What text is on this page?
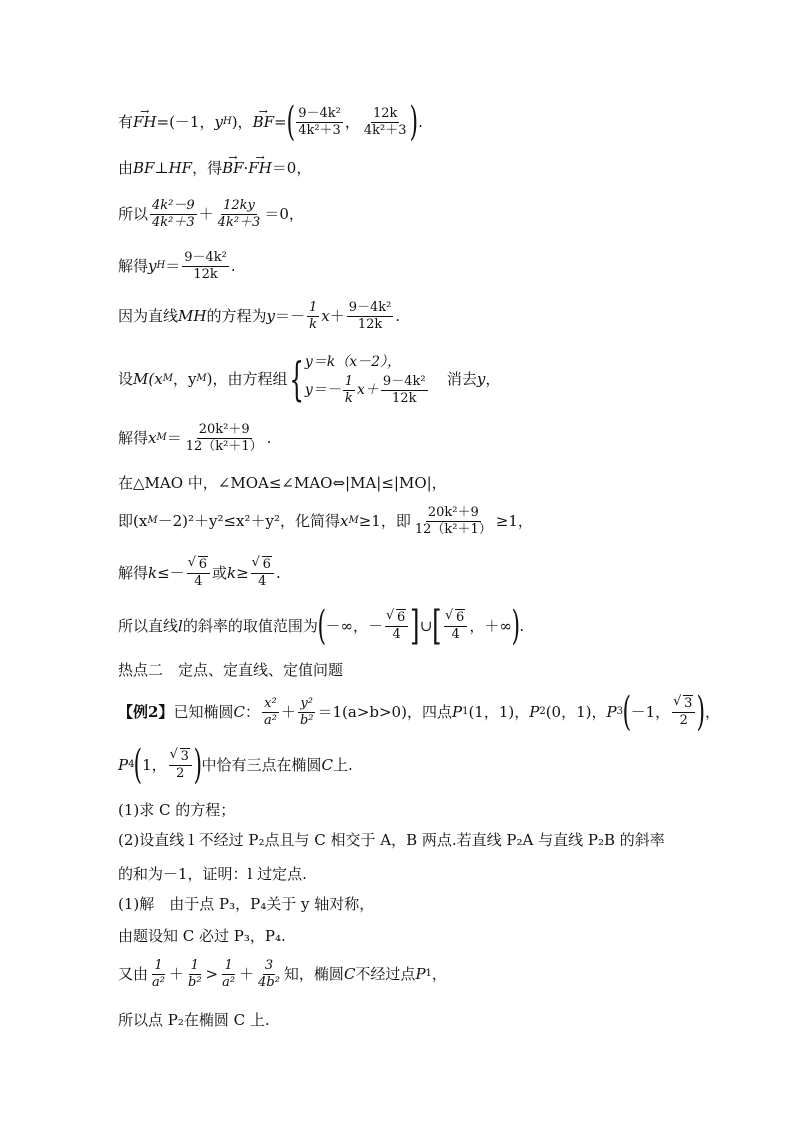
有 → FH =(－1， y H )， → BF = ( $\frac{\text{9－4k²}}{\text{4k²＋3}}$ ， $\frac{12k}{\text{4k²＋3}}$ ) .
由 BF ⊥ HF ，得 → BF · → FH ＝0，
所以 $\frac{\text{4k²－9}}{\text{4k²＋3}} + \frac{12ky}{\text{4k²＋3}} =0$，
解得 y $H = \frac{\text{9－4k²}}{12k}$ .
因为直线 MH 的方程为 $y =- \frac{1}{k}$ $x + \frac{\text{9－4k²}}{12k}$ .
设 M(x M ，y M )，由方程组 { y＝k（x－2），
$y=- \frac{1}{k} x+ \frac{\text{9－4k²}}{12k}$ 消去 y ，
解得 x $M = \frac{\text{20k²＋9}}{\text{12（k²＋1）}}$ .
在△MAO 中，∠MOA≤∠MAO⇔|MA|≤|MO|，
即(x M －2)²＋y²≤x²＋y²，化简得 x M ≥1，即 $\frac{\text{20k²＋9}}{\text{12（k²＋1）}} \ge 1$，
解得 k ≤－ √ $\frac{6}{4}$ 或 k ≥ √ $\frac{6}{4}$ .
所以直线 l 的斜率的取值范围为 ( －∞，－ √ $\frac{6}{4}$ ] ∪ [ √ $\frac{6}{4}$ ，＋∞ ) .
热点二　定点、定直线、定值问题
【例2】 已知椭圆 C ： $\frac{\text{x²}}{\text{a²}} + \frac{\text{y²}}{\text{b²}} =1(a>b>0)$，四点 P 1 (1，1)， P 2 (0，1)， P 3 ( －1， √ $\frac{3}{2}$ ) ，
P 4 ( 1， √ $\frac{3}{2}$ ) 中恰有三点在椭圆 C 上.
(1)求 C 的方程；
(2)设直线 l 不经过 P₂点且与 C 相交于 A，B 两点.若直线 P₂A 与直线 P₂B 的斜率
的和为－1，证明：l 过定点.
(1)解　由于点 P₃，P₄关于 y 轴对称，
由题设知 C 必过 P₃，P₄.
又由 $\frac{1}{\text{a²}} + \frac{1}{\text{b²}} > \frac{1}{\text{a²}} + \frac{3}{\text{4b²}}$ 知，椭圆 C 不经过点 P 1 ，
所以点 P₂在椭圆 C 上.
